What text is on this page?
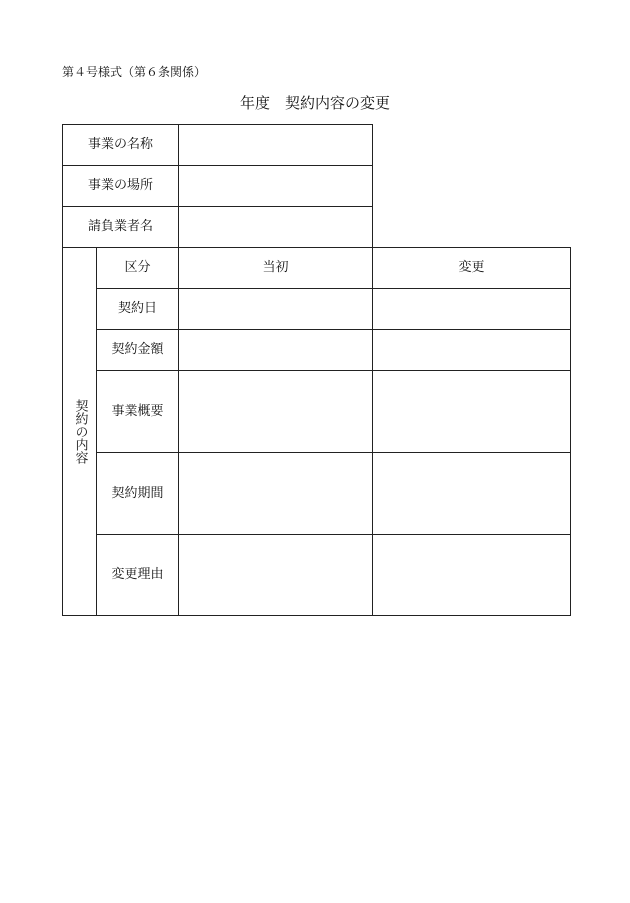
第４号様式（第６条関係）
年度　契約内容の変更
事業の名称
事業の場所
請負業者名
契約の内容
区分	当初	変更
契約日
契約金額
事業概要
契約期間
変更理由
